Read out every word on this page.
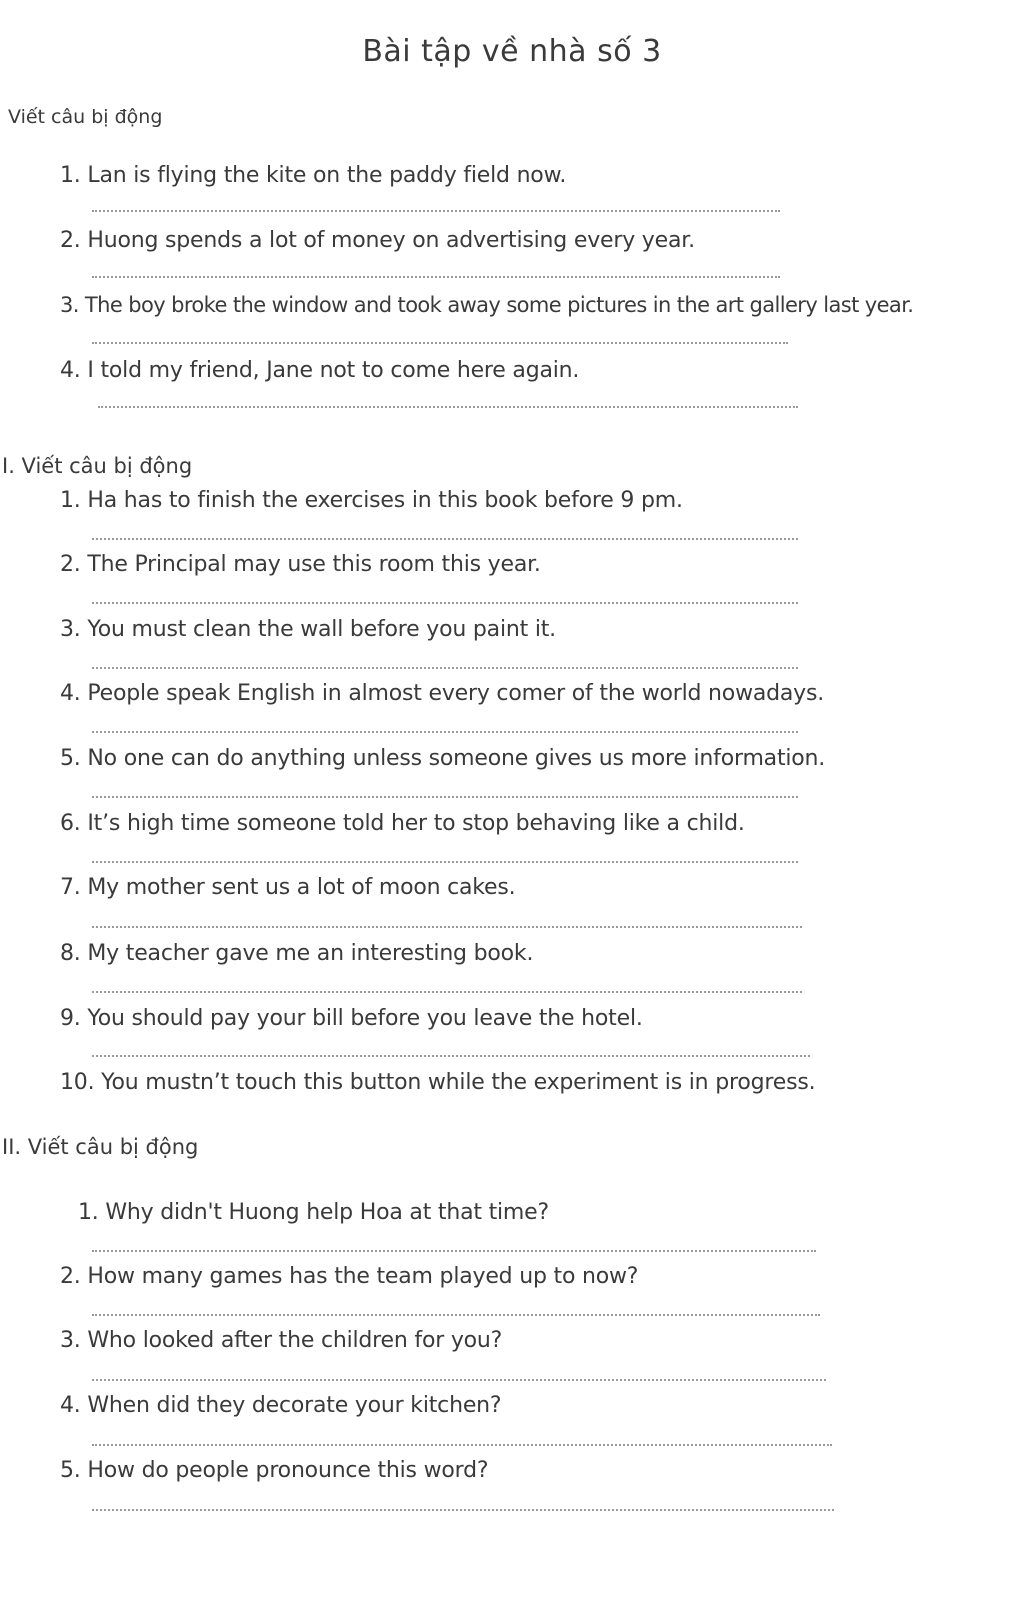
Bài tập về nhà số 3
Viết câu bị động
1. Lan is flying the kite on the paddy field now.
2. Huong spends a lot of money on advertising every year.
3. The boy broke the window and took away some pictures in the art gallery last year.
4. I told my friend, Jane not to come here again.
I. Viết câu bị động
1. Ha has to finish the exercises in this book before 9 pm.
2. The Principal may use this room this year.
3. You must clean the wall before you paint it.
4. People speak English in almost every comer of the world nowadays.
5. No one can do anything unless someone gives us more information.
6. It’s high time someone told her to stop behaving like a child.
7. My mother sent us a lot of moon cakes.
8. My teacher gave me an interesting book.
9. You should pay your bill before you leave the hotel.
10. You mustn’t touch this button while the experiment is in progress.
II. Viết câu bị động
1. Why didn't Huong help Hoa at that time?
2. How many games has the team played up to now?
3. Who looked after the children for you?
4. When did they decorate your kitchen?
5. How do people pronounce this word?
